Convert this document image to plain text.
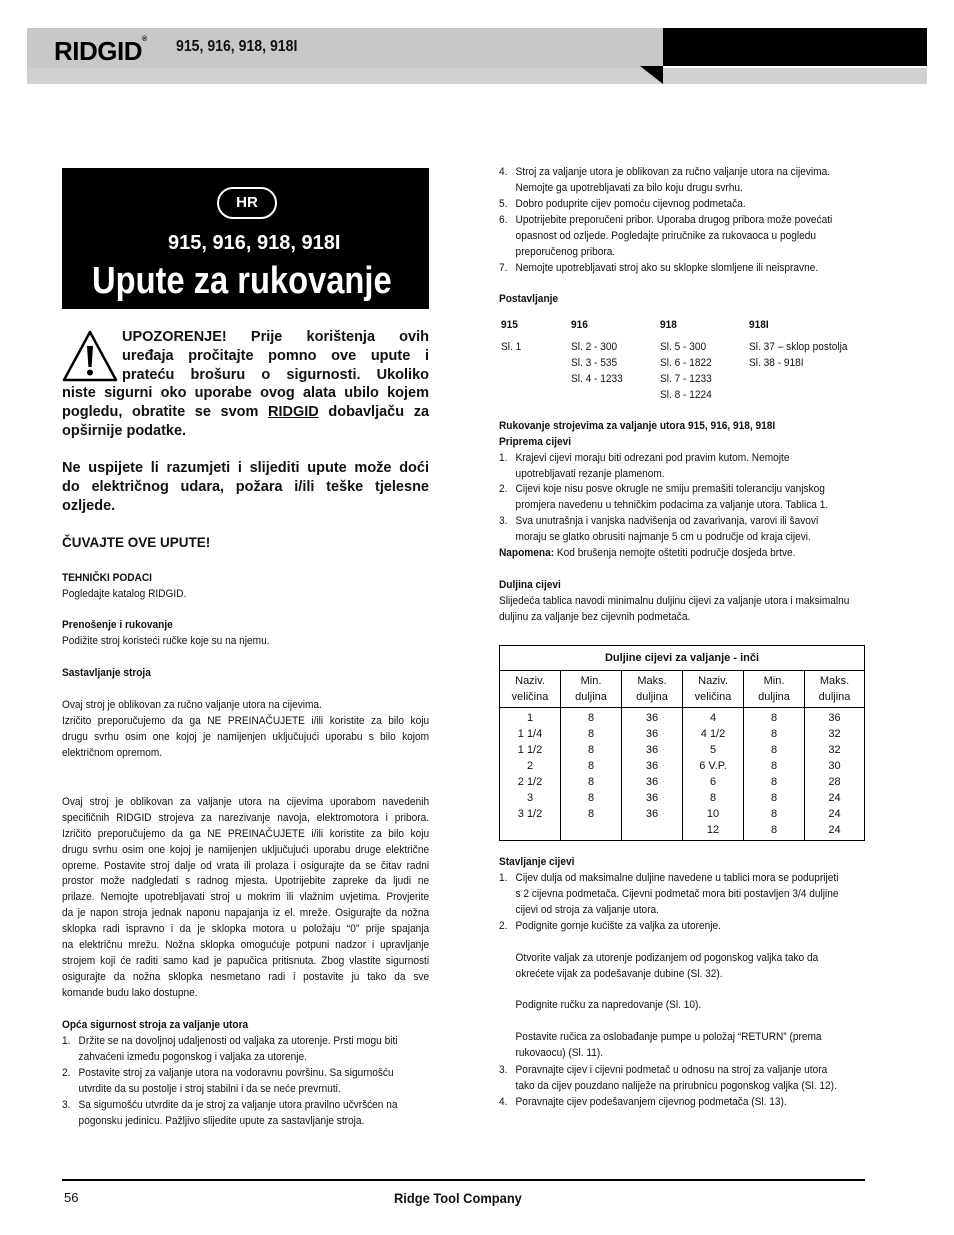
RIDGID® 915, 916, 918, 918I
HR
915, 916, 918, 918I
Upute za rukovanje
UPOZORENJE! Prije korištenja ovih
uređaja pročitajte pomno ove upute i
prateću brošuru o sigurnosti. Ukoliko
niste sigurni oko uporabe ovog alata ubilo kojem
pogledu, obratite se svom RIDGID dobavljaču za
opširnije podatke.
Ne uspijete li razumjeti i slijediti upute može doći
do električnog udara, požara i/ili teške tjelesne
ozljede.
ČUVAJTE OVE UPUTE!
TEHNIČKI PODACI
Pogledajte katalog RIDGID.
Prenošenje i rukovanje
Podižite stroj koristeći ručke koje su na njemu.
Sastavljanje stroja
Ovaj stroj je oblikovan za ručno valjanje utora na cijevima.
Izričito preporučujemo da ga NE PREINAČUJETE i/ili koristite za bilo koju
drugu svrhu osim one kojoj je namijenjen uključujući uporabu s bilo kojom
električnom opremom.
Ovaj stroj je oblikovan za valjanje utora na cijevima uporabom navedenih
specifičnih RIDGID strojeva za narezivanje navoja, elektromotora i pribora.
Izričito preporučujemo da ga NE PREINAČUJETE i/ili koristite za bilo koju
drugu svrhu osim one kojoj je namijenjen uključujući uporabu druge električne
opreme. Postavite stroj dalje od vrata ili prolaza i osigurajte da se čitav radni
prostor može nadgledati s radnog mjesta. Upotrijebite zapreke da ljudi ne
prilaze. Nemojte upotrebljavati stroj u mokrim ili vlažnim uvjetima. Provjerite
da je napon stroja jednak naponu napajanja iz el. mreže. Osigurajte da nožna
sklopka radi ispravno i da je sklopka motora u položaju “0” prije spajanja
na električnu mrežu. Nožna sklopka omogućuje potpuni nadzor i upravljanje
strojem koji će raditi samo kad je papučica pritisnuta. Zbog vlastite sigurnosti
osigurajte da nožna sklopka nesmetano radi i postavite ju tako da sve
komande budu lako dostupne.
Opća sigurnost stroja za valjanje utora
1. Držite se na dovoljnoj udaljenosti od valjaka za utorenje. Prsti mogu biti
zahvaćeni između pogonskog i valjaka za utorenje.
2. Postavite stroj za valjanje utora na vodoravnu površinu. Sa sigurnošću
utvrdite da su postolje i stroj stabilni i da se neće prevrnuti.
3. Sa sigurnošću utvrdite da je stroj za valjanje utora pravilno učvršćen na
pogonsku jedinicu. Pažljivo slijedite upute za sastavljanje stroja.
4. Stroj za valjanje utora je oblikovan za ručno valjanje utora na cijevima.
Nemojte ga upotrebljavati za bilo koju drugu svrhu.
5. Dobro poduprite cijev pomoću cijevnog podmetača.
6. Upotrijebite preporučeni pribor. Uporaba drugog pribora može povećati
opasnost od ozljede. Pogledajte priručnike za rukovaoca u pogledu
preporučenog pribora.
7. Nemojte upotrebljavati stroj ako su sklopke slomljene ili neispravne.
Postavljanje
915
Sl. 1
916
Sl. 2 - 300
Sl. 3 - 535
Sl. 4 - 1233
918
Sl. 5 - 300
Sl. 6 - 1822
Sl. 7 - 1233
Sl. 8 - 1224
918I
Sl. 37 – sklop postolja
Sl. 38 - 918I
Rukovanje strojevima za valjanje utora 915, 916, 918, 918I
Priprema cijevi
1. Krajevi cijevi moraju biti odrezani pod pravim kutom. Nemojte
upotrebljavati rezanje plamenom.
2. Cijevi koje nisu posve okrugle ne smiju premašiti toleranciju vanjskog
promjera navedenu u tehničkim podacima za valjanje utora. Tablica 1.
3. Sva unutrašnja i vanjska nadvišenja od zavarivanja, varovi ili šavovi
moraju se glatko obrusiti najmanje 5 cm u područje od kraja cijevi.
Napomena: Kod brušenja nemojte oštetiti područje dosjeda brtve.
Duljina cijevi
Slijedeća tablica navodi minimalnu duljinu cijevi za valjanje utora i maksimalnu
duljinu za valjanje bez cijevnih podmetača.
Duljine cijevi za valjanje - inči
Naziv.
veličina
Min.
duljina
Maks.
duljina
Naziv.
veličina
Min.
duljina
Maks.
duljina
1
1 1/4
1 1/2
2
2 1/2
3
3 1/2
8
8
8
8
8
8
8
36
36
36
36
36
36
36
4
4 1/2
5
6 V.P.
6
8
10
12
8
8
8
8
8
8
8
8
36
32
32
30
28
24
24
24
Stavljanje cijevi
1. Cijev dulja od maksimalne duljine navedene u tablici mora se poduprijeti
s 2 cijevna podmetača. Cijevni podmetač mora biti postavljen 3/4 duljine
cijevi od stroja za valjanje utora.
2. Podignite gornje kućište za valjka za utorenje.
Otvorite valjak za utorenje podizanjem od pogonskog valjka tako da
okrećete vijak za podešavanje dubine (Sl. 32).
Podignite ručku za napredovanje (Sl. 10).
Postavite ručica za oslobađanje pumpe u položaj “RETURN” (prema
rukovaocu) (Sl. 11).
3. Poravnajte cijev i cijevni podmetač u odnosu na stroj za valjanje utora
tako da cijev pouzdano naliježe na prirubnicu pogonskog valjka (Sl. 12).
4. Poravnajte cijev podešavanjem cijevnog podmetača (Sl. 13).
56	Ridge Tool Company
